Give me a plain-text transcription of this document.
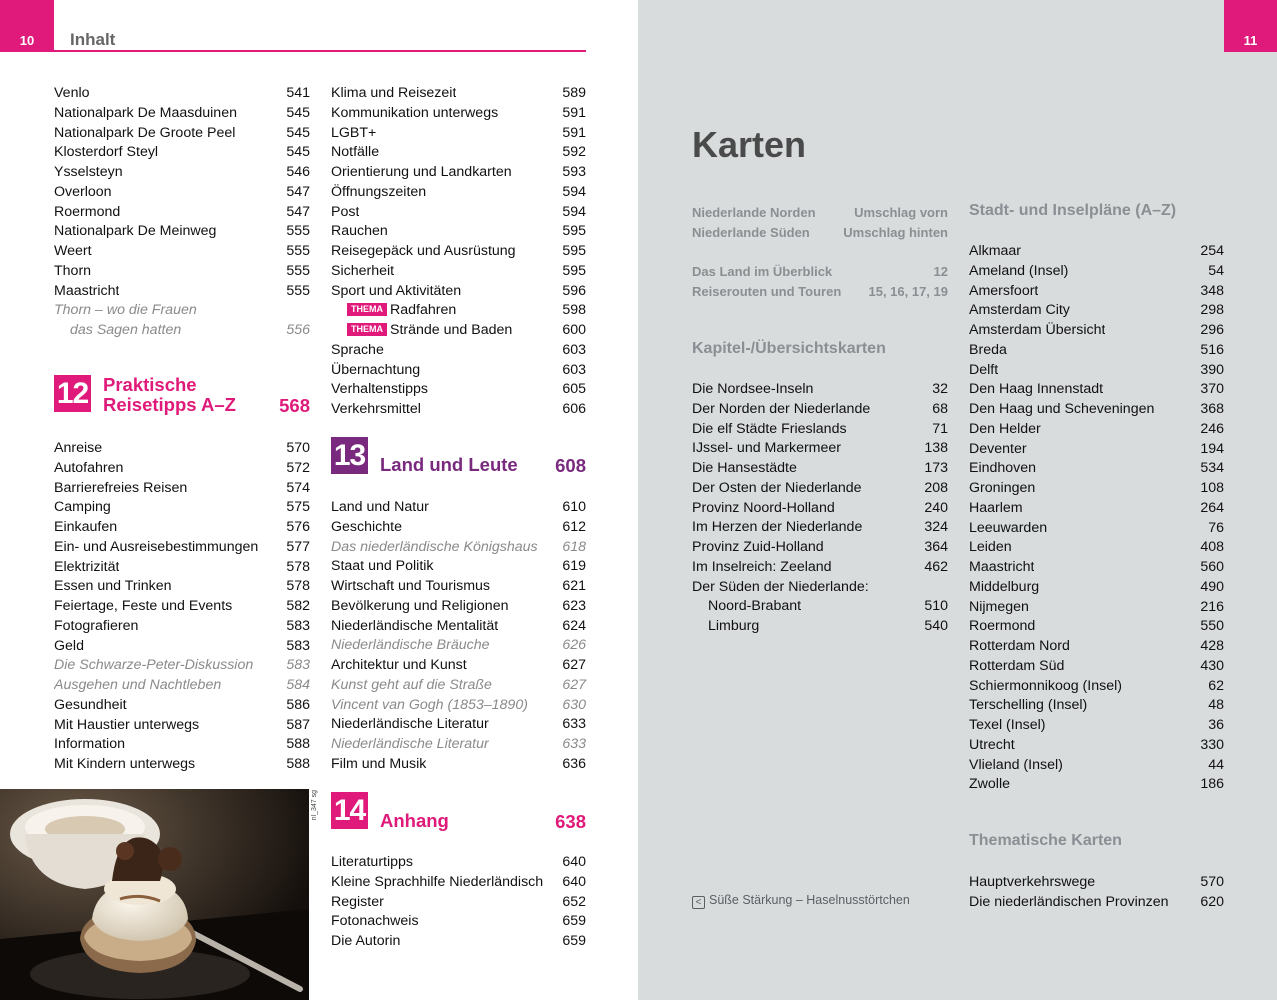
10	Inhalt
Venlo	541
Nationalpark De Maasduinen	545
Nationalpark De Groote Peel	545
Klosterdorf Steyl	545
Ysselsteyn	546
Overloon	547
Roermond	547
Nationalpark De Meinweg	555
Weert	555
Thorn	555
Maastricht	555
Thorn – wo die Frauen
das Sagen hatten	556
12 Praktische
Reisetipps A–Z 568
Anreise	570
Autofahren	572
Barrierefreies Reisen	574
Camping	575
Einkaufen	576
Ein- und Ausreisebestimmungen 577
Elektrizität	578
Essen und Trinken	578
Feiertage, Feste und Events	582
Fotografieren	583
Geld	583
Die Schwarze-Peter-Diskussion 583
Ausgehen und Nachtleben	584
Gesundheit	586
Mit Haustier unterwegs	587
Information	588
Mit Kindern unterwegs	588
Klima und Reisezeit	589
Kommunikation unterwegs	591
LGBT+	591
Notfälle	592
Orientierung und Landkarten	593
Öffnungszeiten	594
Post	594
Rauchen	595
Reisegepäck und Ausrüstung	595
Sicherheit	595
Sport und Aktivitäten	596
THEMA Radfahren	598
THEMA Strände und Baden	600
Sprache	603
Übernachtung	603
Verhaltenstipps	605
Verkehrsmittel	606
13 Land und Leute 608
Land und Natur	610
Geschichte	612
Das niederländische Königshaus 618
Staat und Politik	619
Wirtschaft und Tourismus	621
Bevölkerung und Religionen	623
Niederländische Mentalität	624
Niederländische Bräuche	626
Architektur und Kunst	627
Kunst geht auf die Straße	627
Vincent van Gogh (1853–1890) 630
Niederländische Literatur	633
Niederländische Literatur	633
Film und Musik	636
14 Anhang	638
Literaturtipps	640
Kleine Sprachhilfe Niederländisch 640
Register	652
Fotonachweis	659
Die Autorin	659
nl_347 sg
11
Karten
Niederlande Norden	Umschlag vorn
Niederlande Süden	Umschlag hinten
Das Land im Überblick	12
Reiserouten und Touren 15, 16, 17, 19
Kapitel-/Übersichtskarten
Die Nordsee-Inseln	32
Der Norden der Niederlande	68
Die elf Städte Frieslands	71
IJssel- und Markermeer	138
Die Hansestädte	173
Der Osten der Niederlande	208
Provinz Noord-Holland	240
Im Herzen der Niederlande	324
Provinz Zuid-Holland	364
Im Inselreich: Zeeland	462
Der Süden der Niederlande:
Noord-Brabant	510
Limburg	540
< Süße Stärkung – Haselnusstörtchen
Stadt- und Inselpläne (A–Z)
Alkmaar	254
Ameland (Insel)	54
Amersfoort	348
Amsterdam City	298
Amsterdam Übersicht	296
Breda	516
Delft	390
Den Haag Innenstadt	370
Den Haag und Scheveningen	368
Den Helder	246
Deventer	194
Eindhoven	534
Groningen	108
Haarlem	264
Leeuwarden	76
Leiden	408
Maastricht	560
Middelburg	490
Nijmegen	216
Roermond	550
Rotterdam Nord	428
Rotterdam Süd	430
Schiermonnikoog (Insel)	62
Terschelling (Insel)	48
Texel (Insel)	36
Utrecht	330
Vlieland (Insel)	44
Zwolle	186
Thematische Karten
Hauptverkehrswege	570
Die niederländischen Provinzen 620
